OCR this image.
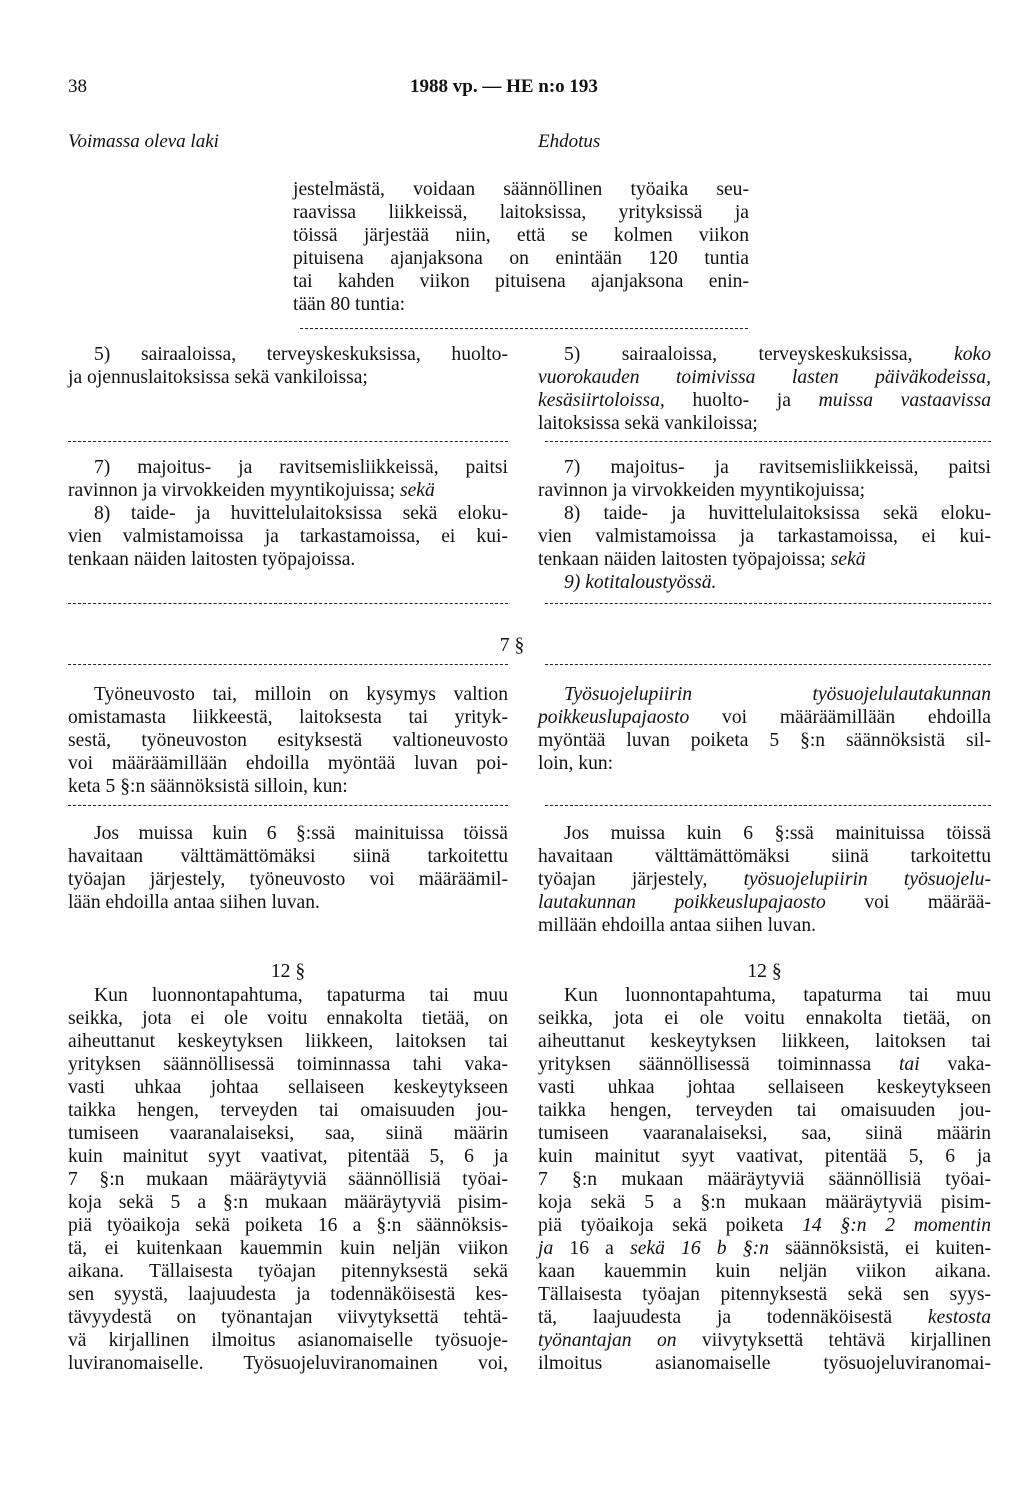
38	1988 vp. — HE n:o 193
Voimassa oleva laki	Ehdotus
jestelmästä, voidaan säännöllinen työaika seu-
raavissa liikkeissä, laitoksissa, yrityksissä ja
töissä järjestää niin, että se kolmen viikon
pituisena ajanjaksona on enintään 120 tuntia
tai kahden viikon pituisena ajanjaksona enin-
tään 80 tuntia:
5) sairaaloissa, terveyskeskuksissa, huolto-
ja ojennuslaitoksissa sekä vankiloissa;
5) sairaaloissa, terveyskeskuksissa, koko
vuorokauden toimivissa lasten päiväkodeissa,
kesäsiirtoloissa, huolto- ja muissa vastaavissa
laitoksissa sekä vankiloissa;
7) majoitus- ja ravitsemisliikkeissä, paitsi
ravinnon ja virvokkeiden myyntikojuissa; sekä
8) taide- ja huvittelulaitoksissa sekä eloku-
vien valmistamoissa ja tarkastamoissa, ei kui-
tenkaan näiden laitosten työpajoissa.
7) majoitus- ja ravitsemisliikkeissä, paitsi
ravinnon ja virvokkeiden myyntikojuissa;
8) taide- ja huvittelulaitoksissa sekä eloku-
vien valmistamoissa ja tarkastamoissa, ei kui-
tenkaan näiden laitosten työpajoissa; sekä
9) kotitaloustyössä.
7 §
Työneuvosto tai, milloin on kysymys valtion
omistamasta liikkeestä, laitoksesta tai yrityk-
sestä, työneuvoston esityksestä valtioneuvosto
voi määräämillään ehdoilla myöntää luvan poi-
keta 5 §:n säännöksistä silloin, kun:
Työsuojelupiirin	työsuojelulautakunnan
poikkeuslupajaosto voi määräämillään ehdoilla
myöntää luvan poiketa 5 §:n säännöksistä sil-
loin, kun:
Jos muissa kuin 6 §:ssä mainituissa töissä
havaitaan välttämättömäksi siinä tarkoitettu
työajan järjestely, työneuvosto voi määräämil-
lään ehdoilla antaa siihen luvan.
Jos muissa kuin 6 §:ssä mainituissa töissä
havaitaan välttämättömäksi siinä tarkoitettu
työajan järjestely, työsuojelupiirin työsuojelu-
lautakunnan poikkeuslupajaosto voi määrää-
millään ehdoilla antaa siihen luvan.
12 §	12 §
Kun luonnontapahtuma, tapaturma tai muu
seikka, jota ei ole voitu ennakolta tietää, on
aiheuttanut keskeytyksen liikkeen, laitoksen tai
yrityksen säännöllisessä toiminnassa tahi vaka-
vasti uhkaa johtaa sellaiseen keskeytykseen
taikka hengen, terveyden tai omaisuuden jou-
tumiseen vaaranalaiseksi, saa, siinä määrin
kuin mainitut syyt vaativat, pitentää 5, 6 ja
7 §:n mukaan määräytyviä säännöllisiä työai-
koja sekä 5 a §:n mukaan määräytyviä pisim-
piä työaikoja sekä poiketa 16 a §:n säännöksis-
tä, ei kuitenkaan kauemmin kuin neljän viikon
aikana. Tällaisesta työajan pitennyksestä sekä
sen syystä, laajuudesta ja todennäköisestä kes-
tävyydestä on työnantajan viivytyksettä tehtä-
vä kirjallinen ilmoitus asianomaiselle työsuoje-
luviranomaiselle. Työsuojeluviranomainen voi,
Kun luonnontapahtuma, tapaturma tai muu
seikka, jota ei ole voitu ennakolta tietää, on
aiheuttanut keskeytyksen liikkeen, laitoksen tai
yrityksen säännöllisessä toiminnassa tai vaka-
vasti uhkaa johtaa sellaiseen keskeytykseen
taikka hengen, terveyden tai omaisuuden jou-
tumiseen vaaranalaiseksi, saa, siinä määrin
kuin mainitut syyt vaativat, pitentää 5, 6 ja
7 §:n mukaan määräytyviä säännöllisiä työai-
koja sekä 5 a §:n mukaan määräytyviä pisim-
piä työaikoja sekä poiketa 14 §:n 2 momentin
ja 16 a sekä 16 b §:n säännöksistä, ei kuiten-
kaan kauemmin kuin neljän viikon aikana.
Tällaisesta työajan pitennyksestä sekä sen syys-
tä, laajuudesta ja todennäköisestä kestosta
työnantajan on viivytyksettä tehtävä kirjallinen
ilmoitus asianomaiselle työsuojeluviranomai-
